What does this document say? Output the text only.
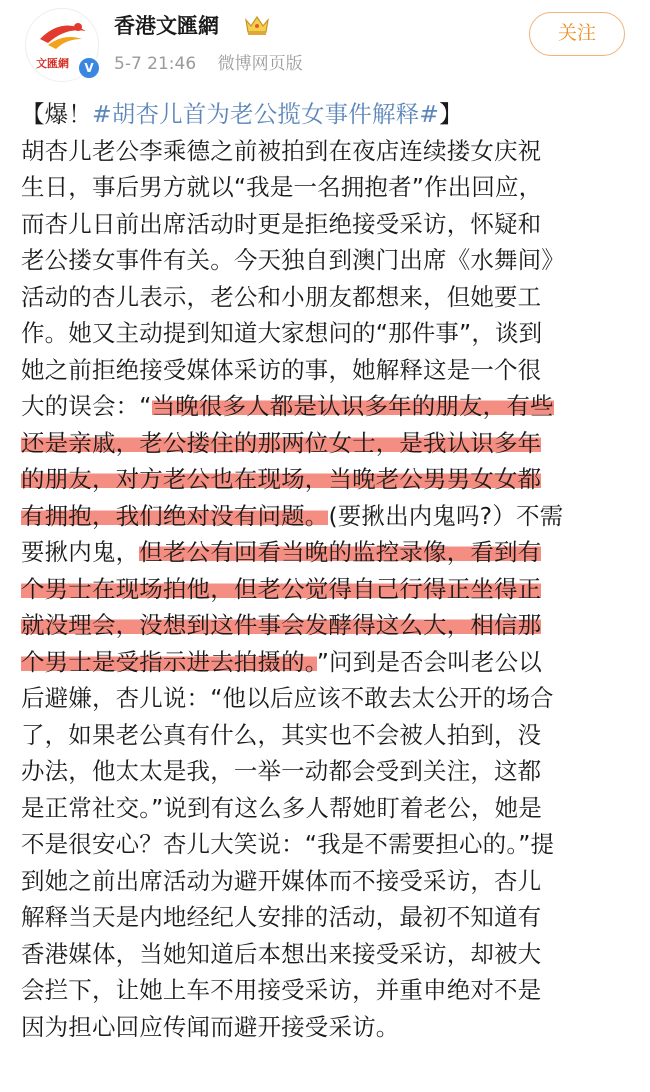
文匯網	V
香港文匯網
5-7 21:46 微博网页版
关注
【爆！#胡杏儿首为老公揽女事件解释#】
胡杏儿老公李乘德之前被拍到在夜店连续搂女庆祝
生日，事后男方就以“我是一名拥抱者”作出回应，
而杏儿日前出席活动时更是拒绝接受采访，怀疑和
老公搂女事件有关。今天独自到澳门出席《水舞间》
活动的杏儿表示，老公和小朋友都想来，但她要工
作。她又主动提到知道大家想问的“那件事”，谈到
她之前拒绝接受媒体采访的事，她解释这是一个很
大的误会：“当晚很多人都是认识多年的朋友，有些
还是亲戚，老公搂住的那两位女士，是我认识多年
的朋友，对方老公也在现场，当晚老公男男女女都
有拥抱，我们绝对没有问题。(要揪出内鬼吗?）不需
要揪内鬼，但老公有回看当晚的监控录像，看到有
个男士在现场拍他，但老公觉得自己行得正坐得正
就没理会，没想到这件事会发酵得这么大，相信那
个男士是受指示进去拍摄的。”问到是否会叫老公以
后避嫌，杏儿说：“他以后应该不敢去太公开的场合
了，如果老公真有什么，其实也不会被人拍到，没
办法，他太太是我，一举一动都会受到关注，这都
是正常社交。”说到有这么多人帮她盯着老公，她是
不是很安心？杏儿大笑说：“我是不需要担心的。”提
到她之前出席活动为避开媒体而不接受采访，杏儿
解释当天是内地经纪人安排的活动，最初不知道有
香港媒体，当她知道后本想出来接受采访，却被大
会拦下，让她上车不用接受采访，并重申绝对不是
因为担心回应传闻而避开接受采访。
